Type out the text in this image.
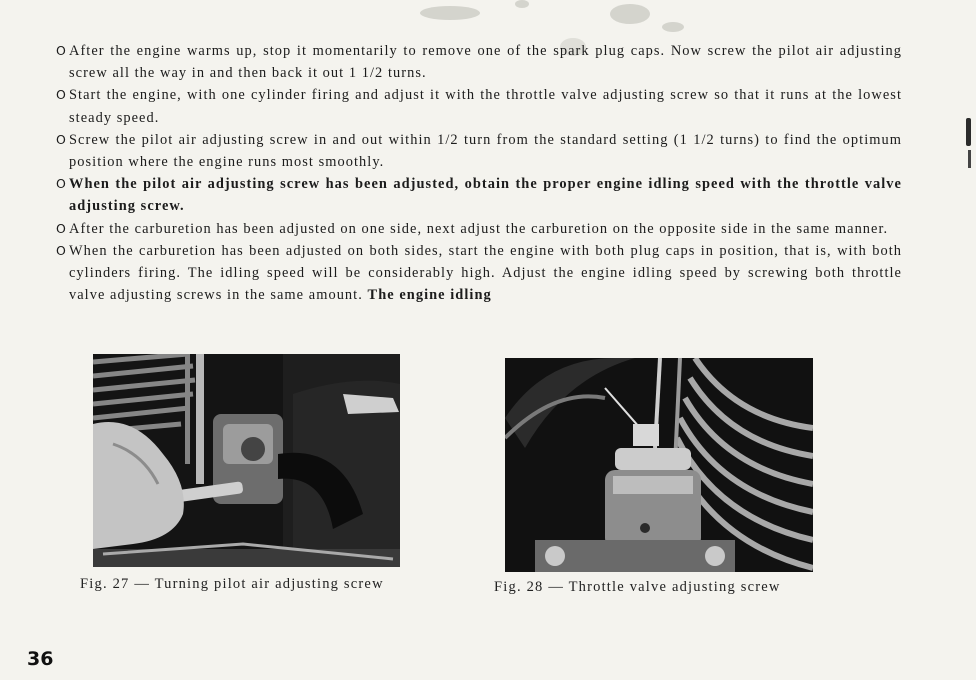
O After the engine warms up, stop it momentarily to remove one of the spark plug caps. Now screw the pilot air adjusting screw all the way in and then back it out 1 1/2 turns.

O Start the engine, with one cylinder firing and adjust it with the throttle valve adjusting screw so that it runs at the lowest steady speed.

O Screw the pilot air adjusting screw in and out within 1/2 turn from the standard setting (1 1/2 turns) to find the optimum position where the engine runs most smoothly.

O When the pilot air adjusting screw has been adjusted, obtain the proper engine idling speed with the throttle valve adjusting screw.

O After the carburetion has been adjusted on one side, next adjust the carburetion on the opposite side in the same manner.

O When the carburetion has been adjusted on both sides, start the engine with both plug caps in position, that is, with both cylinders firing. The idling speed will be considerably high. Adjust the engine idling speed by screwing both throttle valve adjusting screws in the same amount. The engine idling

Fig. 27 — Turning pilot air adjusting screw	Fig. 28 — Throttle valve adjusting screw
36
